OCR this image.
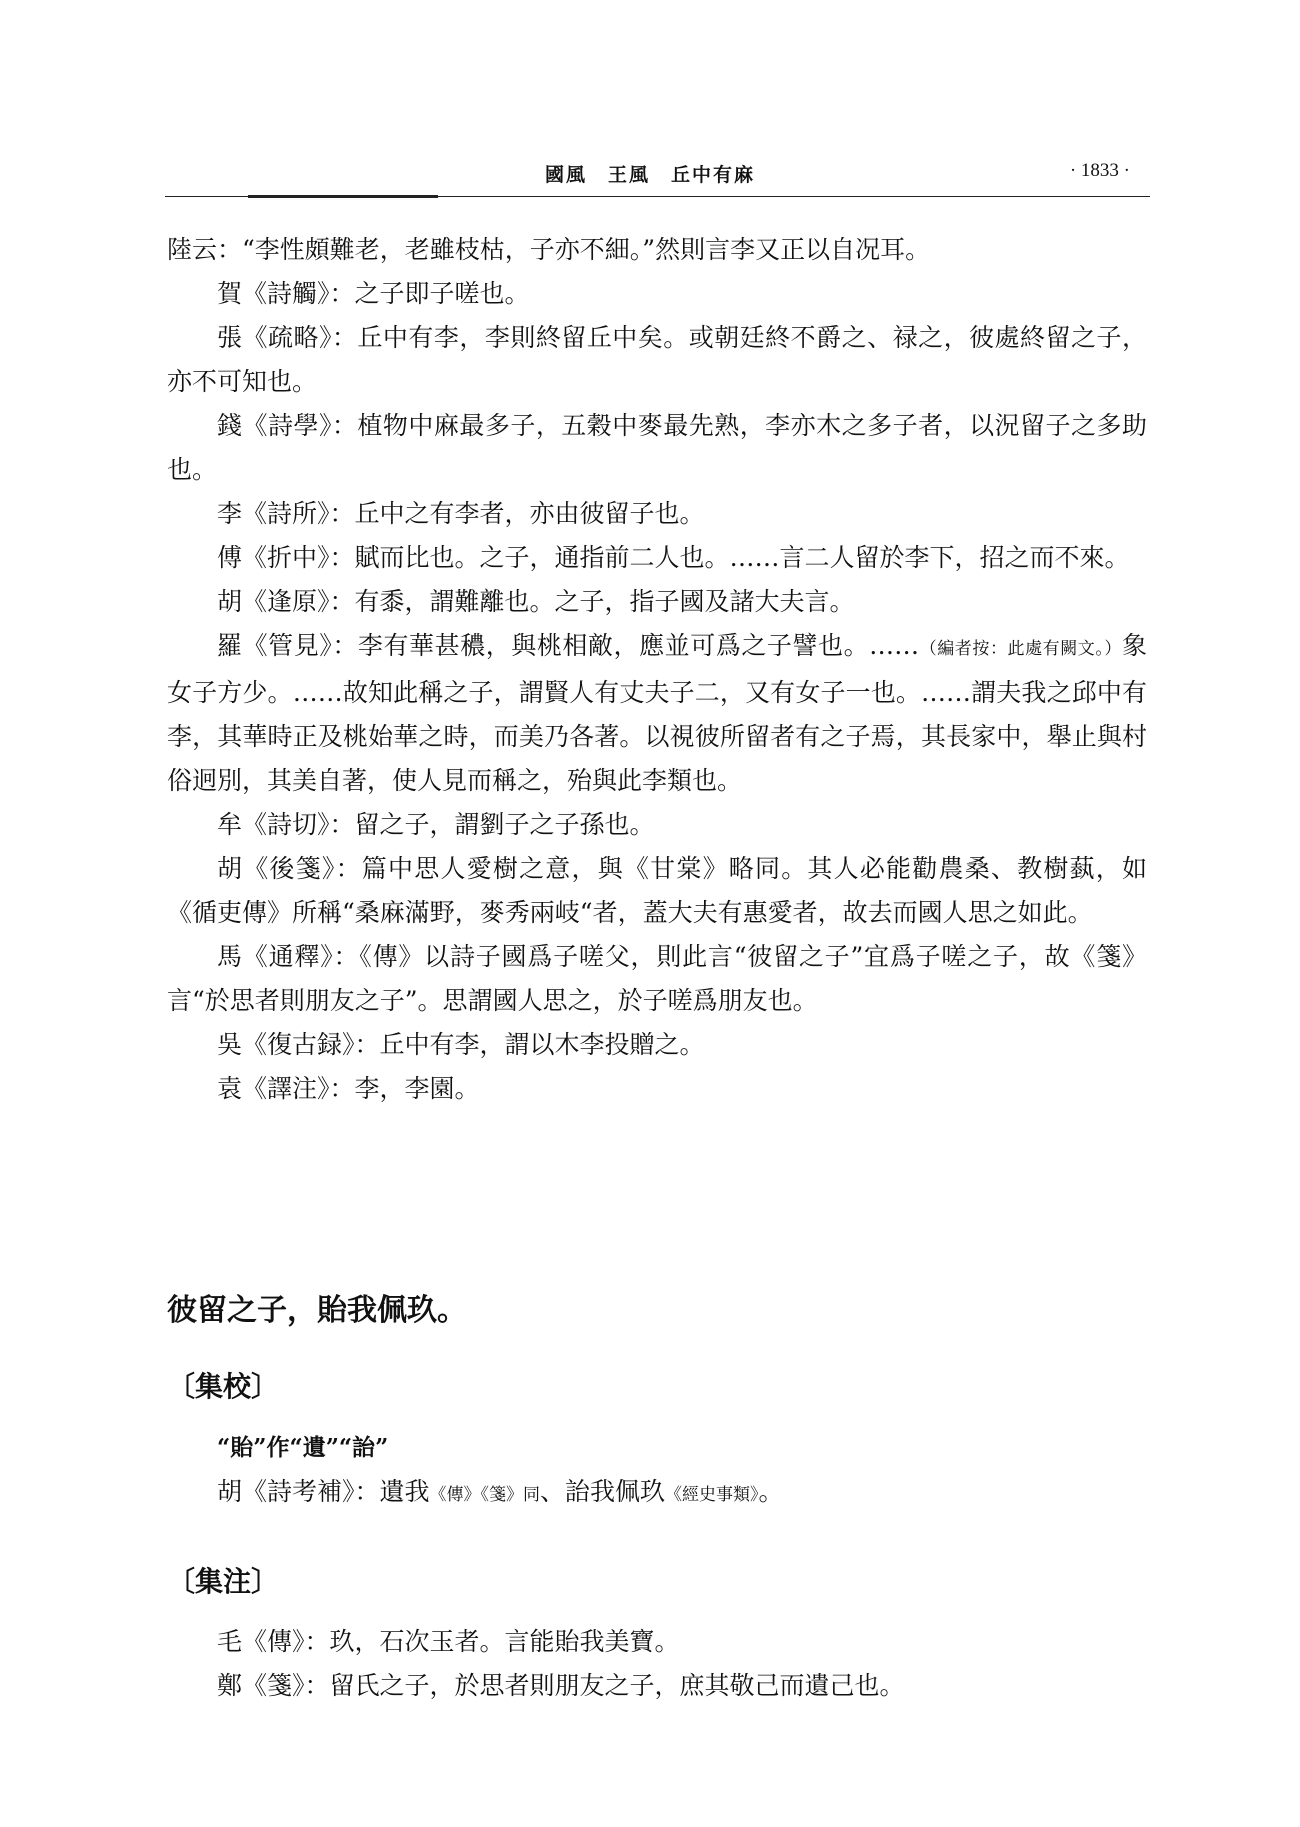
國風　王風　丘中有麻	· 1833 ·

陸云：“李性頗難老，老雖枝枯，子亦不細。”然則言李又正以自况耳。

賀《詩觸》：之子即子嗟也。

張《疏略》：丘中有李，李則終留丘中矣。或朝廷終不爵之、禄之，彼處終留之子，亦不可知也。

錢《詩學》：植物中麻最多子，五穀中麥最先熟，李亦木之多子者，以況留子之多助也。

李《詩所》：丘中之有李者，亦由彼留子也。

傅《折中》：賦而比也。之子，通指前二人也。……言二人留於李下，招之而不來。

胡《逢原》：有黍，謂難離也。之子，指子國及諸大夫言。

羅《管見》：李有華甚穠，與桃相敵，應並可爲之子譬也。……（編者按：此處有闕文。）象女子方少。……故知此稱之子，謂賢人有丈夫子二，又有女子一也。……謂夫我之邱中有李，其華時正及桃始華之時，而美乃各著。以視彼所留者有之子焉，其長家中，舉止與村俗迥別，其美自著，使人見而稱之，殆與此李類也。

牟《詩切》：留之子，謂劉子之子孫也。

胡《後箋》：篇中思人愛樹之意，與《甘棠》略同。其人必能勸農桑、教樹蓺，如《循吏傳》所稱“桑麻滿野，麥秀兩岐“者，蓋大夫有惠愛者，故去而國人思之如此。

馬《通釋》：《傳》以詩子國爲子嗟父，則此言“彼留之子”宜爲子嗟之子，故《箋》言“於思者則朋友之子”。思謂國人思之，於子嗟爲朋友也。

吳《復古録》：丘中有李，謂以木李投贈之。

袁《譯注》：李，李園。

彼留之子，貽我佩玖。
〔集校〕

“貽”作“遺”“詒”

胡《詩考補》：遺我《傳》《箋》同、詒我佩玖《經史事類》。

〔集注〕

毛《傳》：玖，石次玉者。言能貽我美寶。

鄭《箋》：留氏之子，於思者則朋友之子，庶其敬己而遺己也。
